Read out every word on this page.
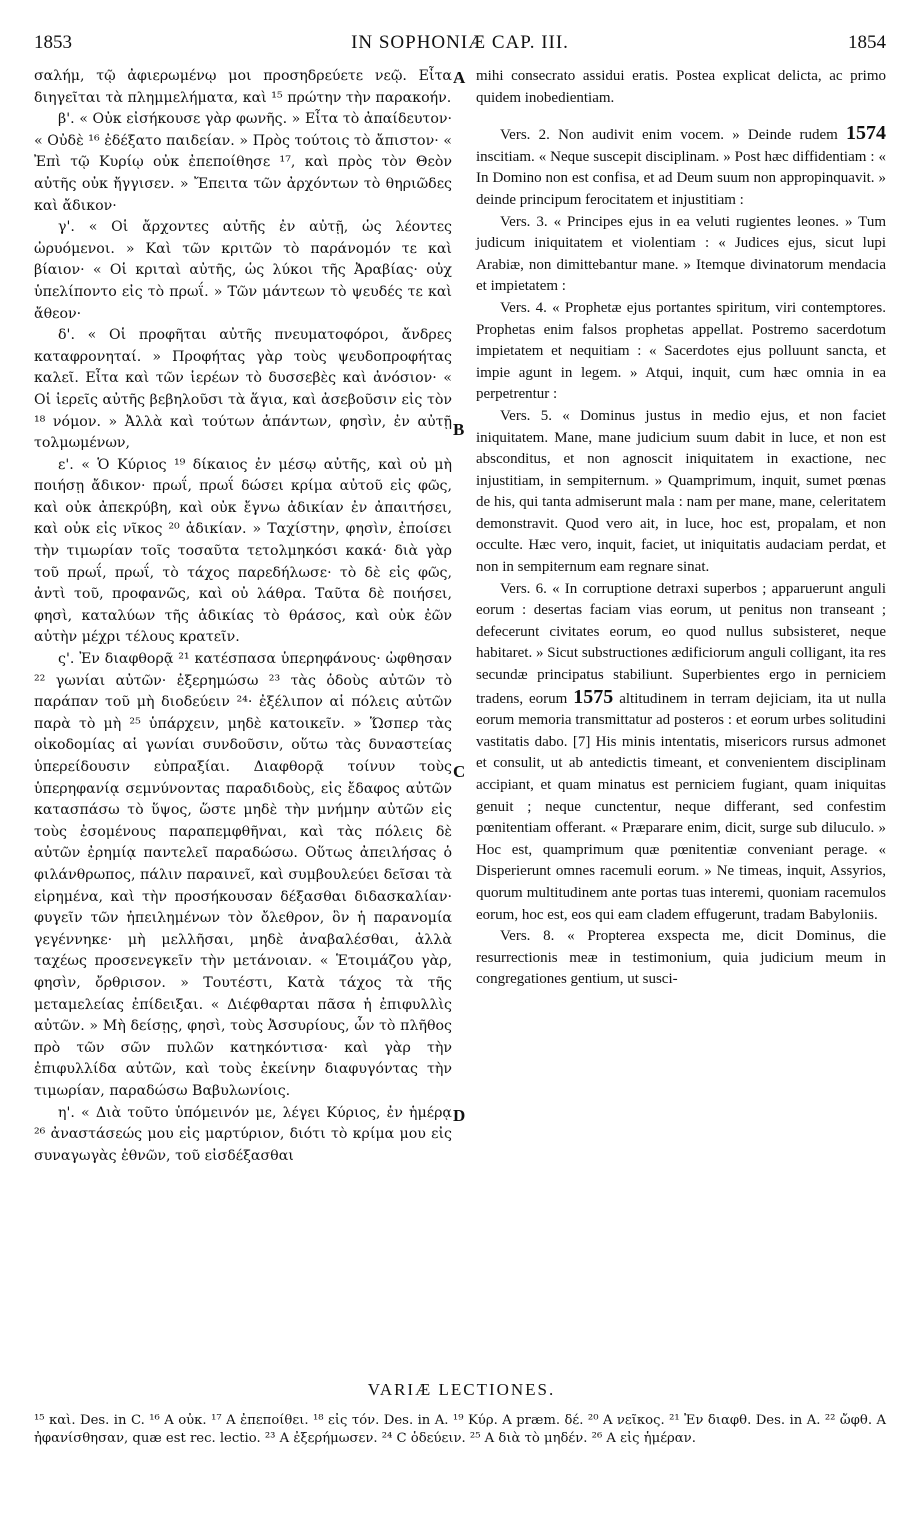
1853	IN SOPHONIÆ CAP. III.	1854
A
B
C
D

σαλήμ, τῷ ἀφιερωμένῳ μοι προσηδρεύετε νεῷ. Εἶτα διηγεῖται τὰ πλημμελήματα, καὶ ¹⁵ πρώτην τὴν παρακοήν.

β'. « Οὐκ εἰσήκουσε γὰρ φωνῆς. » Εἶτα τὸ ἀπαίδευτον· « Οὐδὲ ¹⁶ ἐδέξατο παιδείαν. » Πρὸς τούτοις τὸ ἄπιστον· « Ἐπὶ τῷ Κυρίῳ οὐκ ἐπεποίθησε ¹⁷, καὶ πρὸς τὸν Θεὸν αὐτῆς οὐκ ἤγγισεν. » Ἔπειτα τῶν ἀρχόντων τὸ θηριῶδες καὶ ἄδικον·

γ'. « Οἱ ἄρχοντες αὐτῆς ἐν αὐτῇ, ὡς λέοντες ὠρυόμενοι. » Καὶ τῶν κριτῶν τὸ παράνομόν τε καὶ βίαιον· « Οἱ κριταὶ αὐτῆς, ὡς λύκοι τῆς Ἀραβίας· οὐχ ὑπελίποντο εἰς τὸ πρωΐ. » Τῶν μάντεων τὸ ψευδές τε καὶ ἄθεον·

δ'. « Οἱ προφῆται αὐτῆς πνευματοφόροι, ἄνδρες καταφρονηταί. » Προφήτας γὰρ τοὺς ψευδοπροφήτας καλεῖ. Εἶτα καὶ τῶν ἱερέων τὸ δυσσεβὲς καὶ ἀνόσιον· « Οἱ ἱερεῖς αὐτῆς βεβηλοῦσι τὰ ἅγια, καὶ ἀσεβοῦσιν εἰς τὸν ¹⁸ νόμον. » Ἀλλὰ καὶ τούτων ἁπάντων, φησὶν, ἐν αὐτῇ τολμωμένων,

ε'. « Ὁ Κύριος ¹⁹ δίκαιος ἐν μέσῳ αὐτῆς, καὶ οὐ μὴ ποιήσῃ ἄδικον· πρωΐ, πρωΐ δώσει κρίμα αὐτοῦ εἰς φῶς, καὶ οὐκ ἀπεκρύβη, καὶ οὐκ ἔγνω ἀδικίαν ἐν ἀπαιτήσει, καὶ οὐκ εἰς νῖκος ²⁰ ἀδικίαν. » Ταχίστην, φησὶν, ἐποίσει τὴν τιμωρίαν τοῖς τοσαῦτα τετολμηκόσι κακά· διὰ γὰρ τοῦ πρωΐ, πρωΐ, τὸ τάχος παρεδήλωσε· τὸ δὲ εἰς φῶς, ἀντὶ τοῦ, προφανῶς, καὶ οὐ λάθρα. Ταῦτα δὲ ποιήσει, φησὶ, καταλύων τῆς ἀδικίας τὸ θράσος, καὶ οὐκ ἐῶν αὐτὴν μέχρι τέλους κρατεῖν.

ς'. Ἐν διαφθορᾷ ²¹ κατέσπασα ὑπερηφάνους· ὠφθησαν ²² γωνίαι αὐτῶν· ἐξερημώσω ²³ τὰς ὁδοὺς αὐτῶν τὸ παράπαν τοῦ μὴ διοδεύειν ²⁴· ἐξέλιπον αἱ πόλεις αὐτῶν παρὰ τὸ μὴ ²⁵ ὑπάρχειν, μηδὲ κατοικεῖν. » Ὥσπερ τὰς οἰκοδομίας αἱ γωνίαι συνδοῦσιν, οὕτω τὰς δυναστείας ὑπερείδουσιν εὐπραξίαι. Διαφθορᾷ τοίνυν τοὺς ὑπερηφανίᾳ σεμνύνοντας παραδιδοὺς, εἰς ἔδαφος αὐτῶν κατασπάσω τὸ ὕψος, ὥστε μηδὲ τὴν μνήμην αὐτῶν εἰς τοὺς ἐσομένους παραπεμφθῆναι, καὶ τὰς πόλεις δὲ αὐτῶν ἐρημίᾳ παντελεῖ παραδώσω. Οὕτως ἀπειλήσας ὁ φιλάνθρωπος, πάλιν παραινεῖ, καὶ συμβουλεύει δεῖσαι τὰ εἰρημένα, καὶ τὴν προσήκουσαν δέξασθαι διδασκαλίαν· φυγεῖν τῶν ἠπειλημένων τὸν ὄλεθρον, ὃν ἡ παρανομία γεγέννηκε· μὴ μελλῆσαι, μηδὲ ἀναβαλέσθαι, ἀλλὰ ταχέως προσενεγκεῖν τὴν μετάνοιαν. « Ἑτοιμάζου γὰρ, φησὶν, ὄρθρισον. » Τουτέστι, Κατὰ τάχος τὰ τῆς μεταμελείας ἐπίδειξαι. « Διέφθαρται πᾶσα ἡ ἐπιφυλλὶς αὐτῶν. » Μὴ δείσῃς, φησὶ, τοὺς Ἀσσυρίους, ὧν τὸ πλῆθος πρὸ τῶν σῶν πυλῶν κατηκόντισα· καὶ γὰρ τὴν ἐπιφυλλίδα αὐτῶν, καὶ τοὺς ἐκείνην διαφυγόντας τὴν τιμωρίαν, παραδώσω Βαβυλωνίοις.

η'. « Διὰ τοῦτο ὑπόμεινόν με, λέγει Κύριος, ἐν ἡμέρᾳ ²⁶ ἀναστάσεώς μου εἰς μαρτύριον, διότι τὸ κρίμα μου εἰς συναγωγὰς ἐθνῶν, τοῦ εἰσδέξασθαι

mihi consecrato assidui eratis. Postea explicat delicta, ac primo quidem inobedientiam.

Vers. 2. Non audivit enim vocem. » Deinde rudem 1574 inscitiam. « Neque suscepit disciplinam. » Post hæc diffidentiam : « In Domino non est confisa, et ad Deum suum non appropinquavit. » deinde principum ferocitatem et injustitiam :

Vers. 3. « Principes ejus in ea veluti rugientes leones. » Tum judicum iniquitatem et violentiam : « Judices ejus, sicut lupi Arabiæ, non dimittebantur mane. » Itemque divinatorum mendacia et impietatem :

Vers. 4. « Prophetæ ejus portantes spiritum, viri contemptores. Prophetas enim falsos prophetas appellat. Postremo sacerdotum impietatem et nequitiam : « Sacerdotes ejus polluunt sancta, et impie agunt in legem. » Atqui, inquit, cum hæc omnia in ea perpetrentur :

Vers. 5. « Dominus justus in medio ejus, et non faciet iniquitatem. Mane, mane judicium suum dabit in luce, et non est absconditus, et non agnoscit iniquitatem in exactione, nec injustitiam, in sempiternum. » Quamprimum, inquit, sumet pœnas de his, qui tanta admiserunt mala : nam per mane, mane, celeritatem demonstravit. Quod vero ait, in luce, hoc est, propalam, et non occulte. Hæc vero, inquit, faciet, ut iniquitatis audaciam perdat, et non in sempiternum eam regnare sinat.

Vers. 6. « In corruptione detraxi superbos ; apparuerunt anguli eorum : desertas faciam vias eorum, ut penitus non transeant ; defecerunt civitates eorum, eo quod nullus subsisteret, neque habitaret. » Sicut substructiones ædificiorum anguli colligant, ita res secundæ principatus stabiliunt. Superbientes ergo in perniciem tradens, eorum 1575 altitudinem in terram dejiciam, ita ut nulla eorum memoria transmittatur ad posteros : et eorum urbes solitudini vastitatis dabo. [7] His minis intentatis, misericors rursus admonet et consulit, ut ab antedictis timeant, et convenientem disciplinam accipiant, et quam minatus est perniciem fugiant, quam iniquitas genuit ; neque cunctentur, neque differant, sed confestim pœnitentiam offerant. « Præparare enim, dicit, surge sub diluculo. » Hoc est, quamprimum quæ pœnitentiæ conveniant perage. « Disperierunt omnes racemuli eorum. » Ne timeas, inquit, Assyrios, quorum multitudinem ante portas tuas interemi, quoniam racemulos eorum, hoc est, eos qui eam cladem effugerunt, tradam Babyloniis.

Vers. 8. « Propterea exspecta me, dicit Dominus, die resurrectionis meæ in testimonium, quia judicium meum in congregationes gentium, ut susci-

VARIÆ LECTIONES.

¹⁵ καὶ. Des. in C. ¹⁶ A οὐκ. ¹⁷ A ἐπεποίθει. ¹⁸ εἰς τόν. Des. in A. ¹⁹ Κύρ. A præm. δέ. ²⁰ A νεῖκος. ²¹ Ἐν διαφθ. Des. in A. ²² ὤφθ. A ἠφανίσθησαν, quæ est rec. lectio. ²³ A ἐξερήμωσεν. ²⁴ C ὁδεύειν. ²⁵ A διὰ τὸ μηδέν. ²⁶ A εἰς ἡμέραν.
